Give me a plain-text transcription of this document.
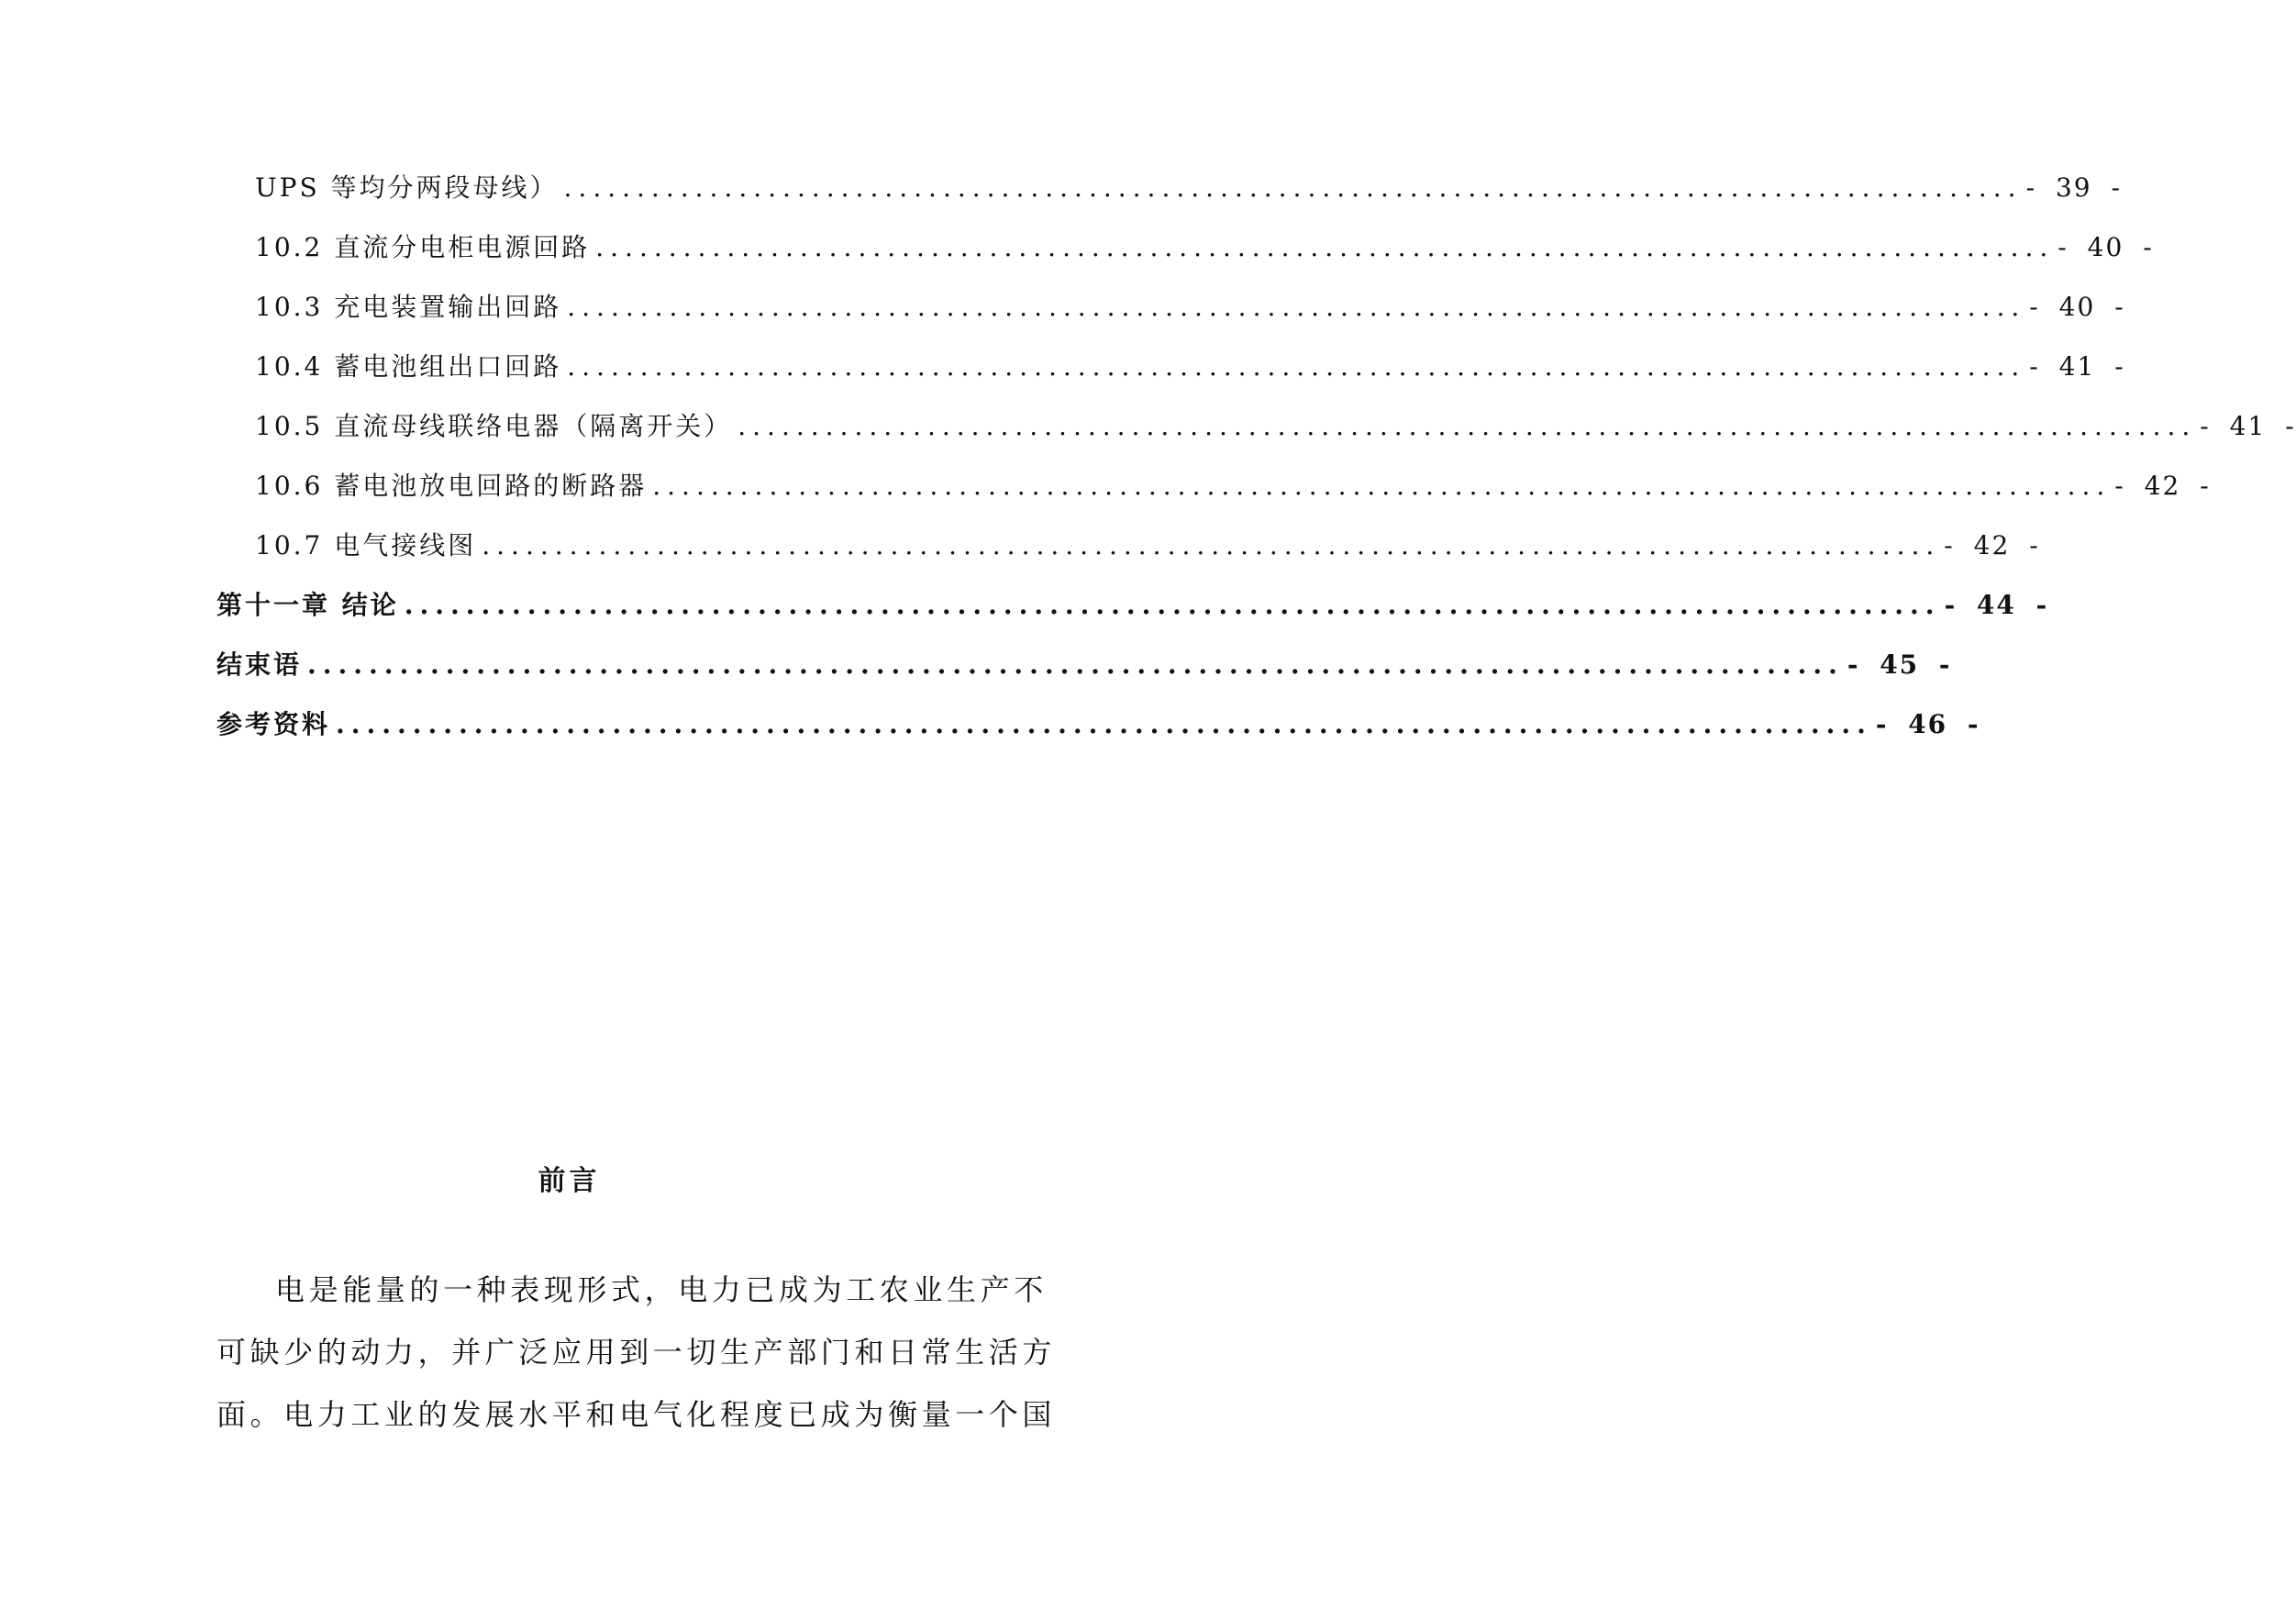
UPS 等均分两段母线） .....	- 39 -
10.2 直流分电柜电源回路 .....	- 40 -
10.3 充电装置输出回路 .....	- 40 -
10.4 蓄电池组出口回路 .....	- 41 -
10.5 直流母线联络电器（隔离开关） .....	- 41 -
10.6 蓄电池放电回路的断路器 .....	- 42 -
10.7 电气接线图 .....	- 42 -
第十一章 结论 .....	- 44 -
结束语 .....	- 45 -
参考资料 .....	- 46 -
前言
电是能量的一种表现形式，电力已成为工农业生产不
可缺少的动力，并广泛应用到一切生产部门和日常生活方
面。电力工业的发展水平和电气化程度已成为衡量一个国
